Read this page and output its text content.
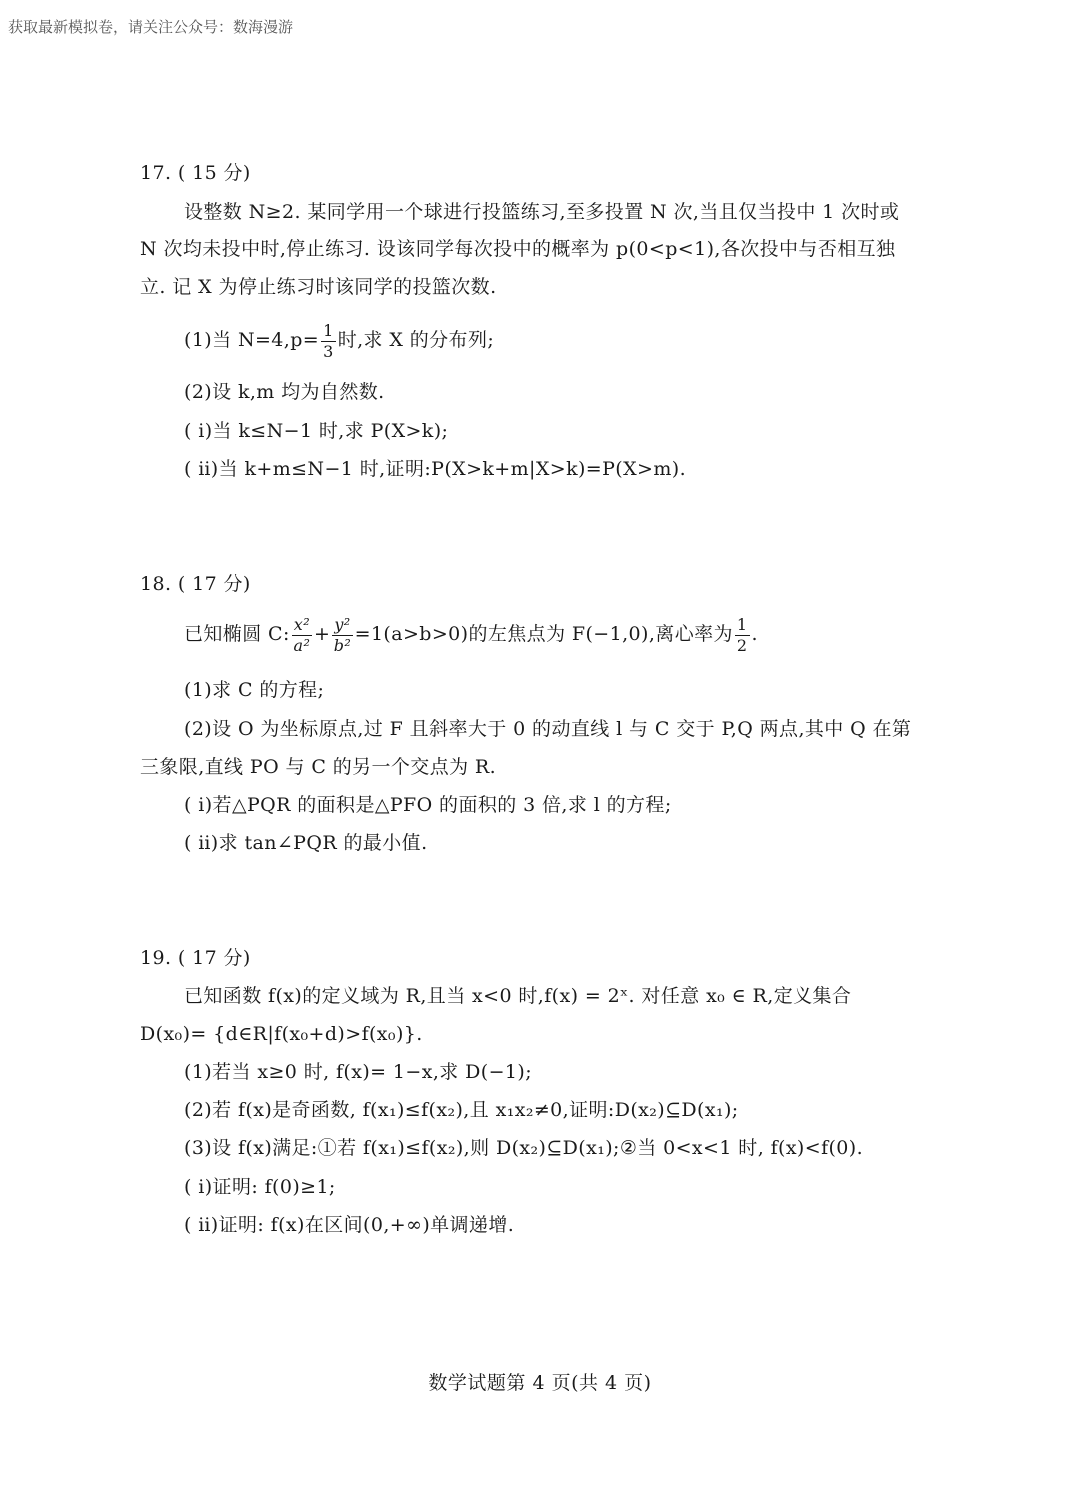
获取最新模拟卷，请关注公众号：数海漫游
17. ( 15 分)
设整数 N≥2. 某同学用一个球进行投篮练习,至多投置 N 次,当且仅当投中 1 次时或
N 次均未投中时,停止练习. 设该同学每次投中的概率为 p(0<p<1),各次投中与否相互独
立. 记 X 为停止练习时该同学的投篮次数.
(1)当 $N=4,p= \frac{1}{3}$ 时,求 X 的分布列;
(2)设 k,m 均为自然数.
( ⅰ)当 k≤N−1 时,求 P(X>k);
( ⅱ)当 k+m≤N−1 时,证明:P(X>k+m|X>k)=P(X>m).
18. ( 17 分)
已知椭圆 C: $\frac{\text{x²}}{\text{a²}} + \frac{\text{y²}}{\text{b²}} =1(a>b>0)$的左焦点为 F(−1,0),离心率为 $\frac{1}{2}$ .
(1)求 C 的方程;
(2)设 O 为坐标原点,过 F 且斜率大于 0 的动直线 l 与 C 交于 P,Q 两点,其中 Q 在第
三象限,直线 PO 与 C 的另一个交点为 R.
( ⅰ)若△PQR 的面积是△PFO 的面积的 3 倍,求 l 的方程;
( ⅱ)求 tan∠PQR 的最小值.
19. ( 17 分)
已知函数 f(x)的定义域为 R,且当 x<0 时,f(x) = 2ˣ. 对任意 x₀ ∈ R,定义集合
D(x₀)= {d∈R|f(x₀+d)>f(x₀)}.
(1)若当 x≥0 时, f(x)= 1−x,求 D(−1);
(2)若 f(x)是奇函数, f(x₁)≤f(x₂),且 x₁x₂≠0,证明:D(x₂)⊆D(x₁);
(3)设 f(x)满足:①若 f(x₁)≤f(x₂),则 D(x₂)⊆D(x₁);②当 0<x<1 时, f(x)<f(0).
( ⅰ)证明: f(0)≥1;
( ⅱ)证明: f(x)在区间(0,+∞)单调递增.
数学试题第 4 页(共 4 页)
